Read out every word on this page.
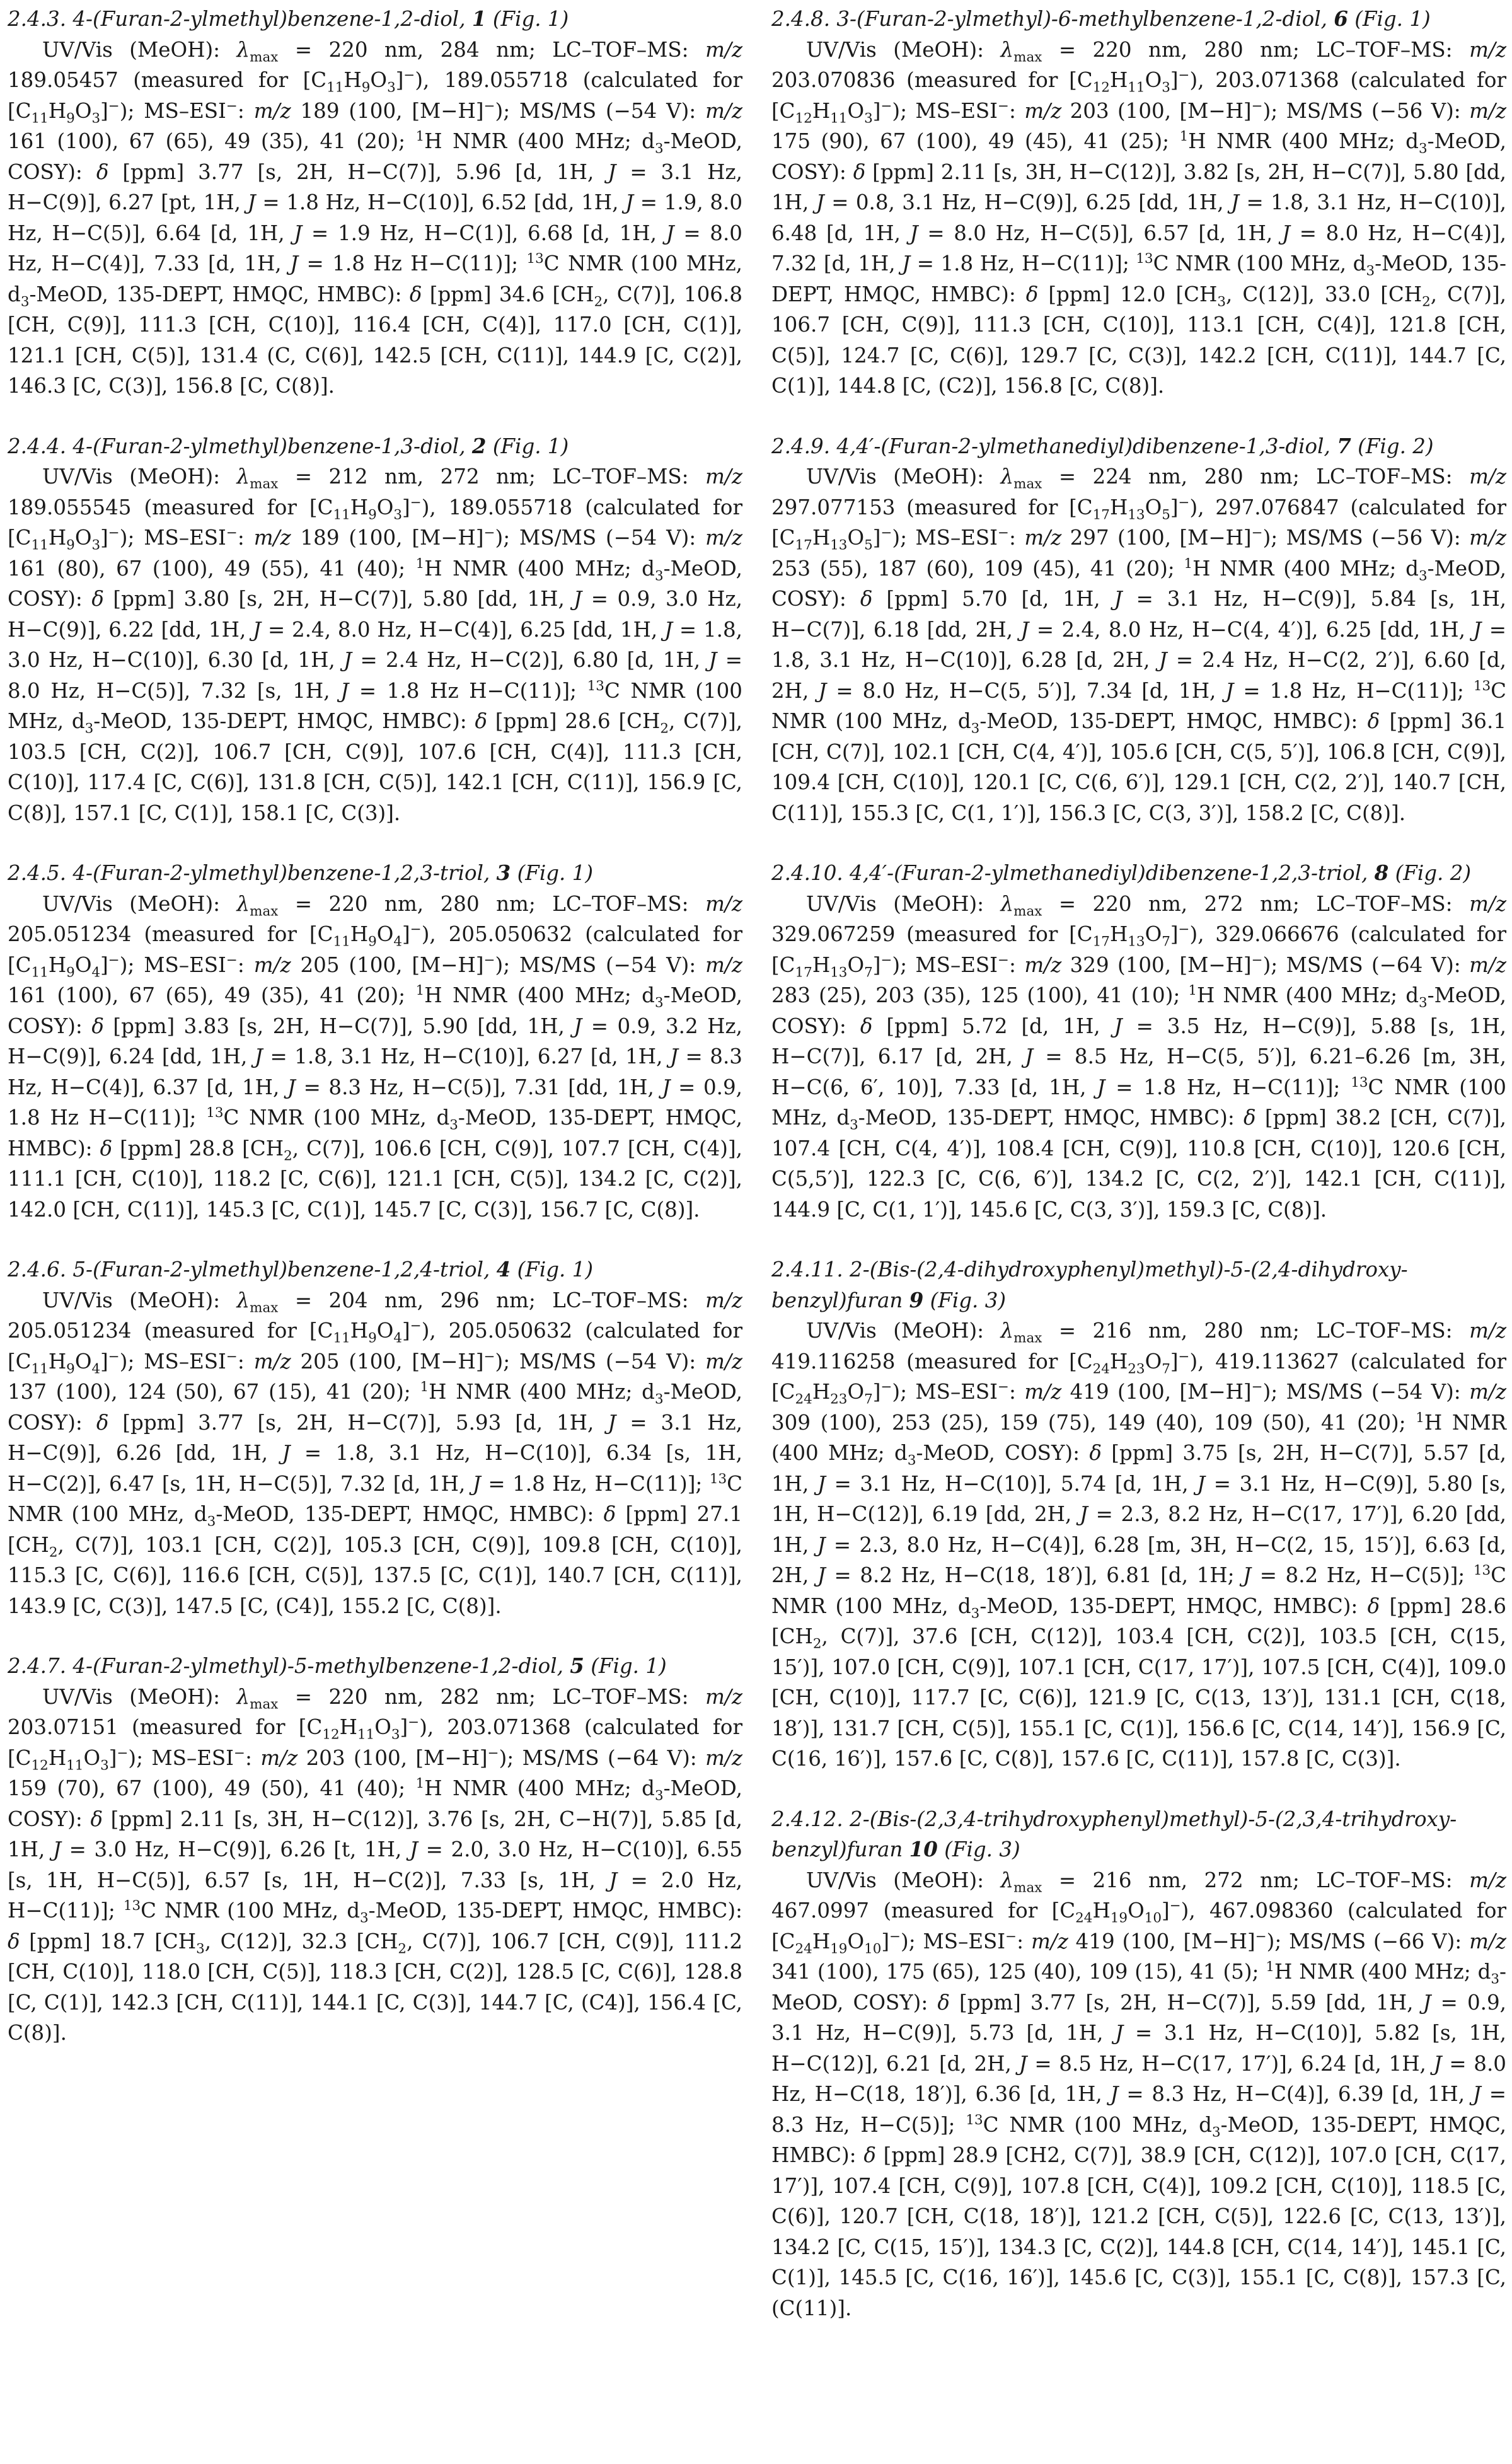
2.4.3. 4-(Furan-2-ylmethyl)benzene-1,2-diol, 1 (Fig. 1)
UV/Vis (MeOH): $\lambda_{max} = 220$ nm, 284 nm; LC–TOF–MS: m/z 189.05457 (measured for $[C_{11}H_9O_3]^-$), 189.055718 (calculated for $[C_{11}H_9O_3]^-$); MS–ESI−: m/z 189 (100, [M−H]−); MS/MS (−54 V): m/z 161 (100), 67 (65), 49 (35), 41 (20); $^1$H NMR (400 MHz; $d_3$-MeOD, COSY): δ [ppm] 3.77 [s, 2H, H−C(7)], 5.96 [d, 1H, J = 3.1 Hz, H−C(9)], 6.27 [pt, 1H, J = 1.8 Hz, H−C(10)], 6.52 [dd, 1H, J = 1.9, 8.0 Hz, H−C(5)], 6.64 [d, 1H, J = 1.9 Hz, H−C(1)], 6.68 [d, 1H, J = 8.0 Hz, H−C(4)], 7.33 [d, 1H, J = 1.8 Hz H−C(11)]; $^{13}$C NMR (100 MHz, $d_3$-MeOD, 135-DEPT, HMQC, HMBC): δ [ppm] 34.6 [$CH_2$, C(7)], 106.8 [CH, C(9)], 111.3 [CH, C(10)], 116.4 [CH, C(4)], 117.0 [CH, C(1)], 121.1 [CH, C(5)], 131.4 (C, C(6)], 142.5 [CH, C(11)], 144.9 [C, C(2)], 146.3 [C, C(3)], 156.8 [C, C(8)].
2.4.4. 4-(Furan-2-ylmethyl)benzene-1,3-diol, 2 (Fig. 1)
UV/Vis (MeOH): $\lambda_{max} = 212$ nm, 272 nm; LC–TOF–MS: m/z 189.055545 (measured for $[C_{11}H_9O_3]^-$), 189.055718 (calculated for $[C_{11}H_9O_3]^-$); MS–ESI−: m/z 189 (100, [M−H]−); MS/MS (−54 V): m/z 161 (80), 67 (100), 49 (55), 41 (40); $^1$H NMR (400 MHz; $d_3$-MeOD, COSY): δ [ppm] 3.80 [s, 2H, H−C(7)], 5.80 [dd, 1H, J = 0.9, 3.0 Hz, H−C(9)], 6.22 [dd, 1H, J = 2.4, 8.0 Hz, H−C(4)], 6.25 [dd, 1H, J = 1.8, 3.0 Hz, H−C(10)], 6.30 [d, 1H, J = 2.4 Hz, H−C(2)], 6.80 [d, 1H, J = 8.0 Hz, H−C(5)], 7.32 [s, 1H, J = 1.8 Hz H−C(11)]; $^{13}$C NMR (100 MHz, $d_3$-MeOD, 135-DEPT, HMQC, HMBC): δ [ppm] 28.6 [$CH_2$, C(7)], 103.5 [CH, C(2)], 106.7 [CH, C(9)], 107.6 [CH, C(4)], 111.3 [CH, C(10)], 117.4 [C, C(6)], 131.8 [CH, C(5)], 142.1 [CH, C(11)], 156.9 [C, C(8)], 157.1 [C, C(1)], 158.1 [C, C(3)].
2.4.5. 4-(Furan-2-ylmethyl)benzene-1,2,3-triol, 3 (Fig. 1)
UV/Vis (MeOH): $\lambda_{max} = 220$ nm, 280 nm; LC–TOF–MS: m/z 205.051234 (measured for $[C_{11}H_9O_4]^-$), 205.050632 (calculated for $[C_{11}H_9O_4]^-$); MS–ESI−: m/z 205 (100, [M−H]−); MS/MS (−54 V): m/z 161 (100), 67 (65), 49 (35), 41 (20); $^1$H NMR (400 MHz; $d_3$-MeOD, COSY): δ [ppm] 3.83 [s, 2H, H−C(7)], 5.90 [dd, 1H, J = 0.9, 3.2 Hz, H−C(9)], 6.24 [dd, 1H, J = 1.8, 3.1 Hz, H−C(10)], 6.27 [d, 1H, J = 8.3 Hz, H−C(4)], 6.37 [d, 1H, J = 8.3 Hz, H−C(5)], 7.31 [dd, 1H, J = 0.9, 1.8 Hz H−C(11)]; $^{13}$C NMR (100 MHz, $d_3$-MeOD, 135-DEPT, HMQC, HMBC): δ [ppm] 28.8 [$CH_2$, C(7)], 106.6 [CH, C(9)], 107.7 [CH, C(4)], 111.1 [CH, C(10)], 118.2 [C, C(6)], 121.1 [CH, C(5)], 134.2 [C, C(2)], 142.0 [CH, C(11)], 145.3 [C, C(1)], 145.7 [C, C(3)], 156.7 [C, C(8)].
2.4.6. 5-(Furan-2-ylmethyl)benzene-1,2,4-triol, 4 (Fig. 1)
UV/Vis (MeOH): $\lambda_{max} = 204$ nm, 296 nm; LC–TOF–MS: m/z 205.051234 (measured for $[C_{11}H_9O_4]^-$), 205.050632 (calculated for $[C_{11}H_9O_4]^-$); MS–ESI−: m/z 205 (100, [M−H]−); MS/MS (−54 V): m/z 137 (100), 124 (50), 67 (15), 41 (20); $^1$H NMR (400 MHz; $d_3$-MeOD, COSY): δ [ppm] 3.77 [s, 2H, H−C(7)], 5.93 [d, 1H, J = 3.1 Hz, H−C(9)], 6.26 [dd, 1H, J = 1.8, 3.1 Hz, H−C(10)], 6.34 [s, 1H, H−C(2)], 6.47 [s, 1H, H−C(5)], 7.32 [d, 1H, J = 1.8 Hz, H−C(11)]; $^{13}$C NMR (100 MHz, $d_3$-MeOD, 135-DEPT, HMQC, HMBC): δ [ppm] 27.1 [$CH_2$, C(7)], 103.1 [CH, C(2)], 105.3 [CH, C(9)], 109.8 [CH, C(10)], 115.3 [C, C(6)], 116.6 [CH, C(5)], 137.5 [C, C(1)], 140.7 [CH, C(11)], 143.9 [C, C(3)], 147.5 [C, (C4)], 155.2 [C, C(8)].
2.4.7. 4-(Furan-2-ylmethyl)-5-methylbenzene-1,2-diol, 5 (Fig. 1)
UV/Vis (MeOH): $\lambda_{max} = 220$ nm, 282 nm; LC–TOF–MS: m/z 203.07151 (measured for $[C_{12}H_{11}O_3]^-$), 203.071368 (calculated for $[C_{12}H_{11}O_3]^-$); MS–ESI−: m/z 203 (100, [M−H]−); MS/MS (−64 V): m/z 159 (70), 67 (100), 49 (50), 41 (40); $^1$H NMR (400 MHz; $d_3$-MeOD, COSY): δ [ppm] 2.11 [s, 3H, H−C(12)], 3.76 [s, 2H, C−H(7)], 5.85 [d, 1H, J = 3.0 Hz, H−C(9)], 6.26 [t, 1H, J = 2.0, 3.0 Hz, H−C(10)], 6.55 [s, 1H, H−C(5)], 6.57 [s, 1H, H−C(2)], 7.33 [s, 1H, J = 2.0 Hz, H−C(11)]; $^{13}$C NMR (100 MHz, $d_3$-MeOD, 135-DEPT, HMQC, HMBC): δ [ppm] 18.7 [$CH_3$, C(12)], 32.3 [$CH_2$, C(7)], 106.7 [CH, C(9)], 111.2 [CH, C(10)], 118.0 [CH, C(5)], 118.3 [CH, C(2)], 128.5 [C, C(6)], 128.8 [C, C(1)], 142.3 [CH, C(11)], 144.1 [C, C(3)], 144.7 [C, (C4)], 156.4 [C, C(8)].
2.4.8. 3-(Furan-2-ylmethyl)-6-methylbenzene-1,2-diol, 6 (Fig. 1)
UV/Vis (MeOH): $\lambda_{max} = 220$ nm, 280 nm; LC–TOF–MS: m/z 203.070836 (measured for $[C_{12}H_{11}O_3]^-$), 203.071368 (calculated for $[C_{12}H_{11}O_3]^-$); MS–ESI−: m/z 203 (100, [M−H]−); MS/MS (−56 V): m/z 175 (90), 67 (100), 49 (45), 41 (25); $^1$H NMR (400 MHz; $d_3$-MeOD, COSY): δ [ppm] 2.11 [s, 3H, H−C(12)], 3.82 [s, 2H, H−C(7)], 5.80 [dd, 1H, J = 0.8, 3.1 Hz, H−C(9)], 6.25 [dd, 1H, J = 1.8, 3.1 Hz, H−C(10)], 6.48 [d, 1H, J = 8.0 Hz, H−C(5)], 6.57 [d, 1H, J = 8.0 Hz, H−C(4)], 7.32 [d, 1H, J = 1.8 Hz, H−C(11)]; $^{13}$C NMR (100 MHz, $d_3$-MeOD, 135-DEPT, HMQC, HMBC): δ [ppm] 12.0 [$CH_3$, C(12)], 33.0 [$CH_2$, C(7)], 106.7 [CH, C(9)], 111.3 [CH, C(10)], 113.1 [CH, C(4)], 121.8 [CH, C(5)], 124.7 [C, C(6)], 129.7 [C, C(3)], 142.2 [CH, C(11)], 144.7 [C, C(1)], 144.8 [C, (C2)], 156.8 [C, C(8)].
2.4.9. 4,4′-(Furan-2-ylmethanediyl)dibenzene-1,3-diol, 7 (Fig. 2)
UV/Vis (MeOH): $\lambda_{max} = 224$ nm, 280 nm; LC–TOF–MS: m/z 297.077153 (measured for $[C_{17}H_{13}O_5]^-$), 297.076847 (calculated for $[C_{17}H_{13}O_5]^-$); MS–ESI−: m/z 297 (100, [M−H]−); MS/MS (−56 V): m/z 253 (55), 187 (60), 109 (45), 41 (20); $^1$H NMR (400 MHz; $d_3$-MeOD, COSY): δ [ppm] 5.70 [d, 1H, J = 3.1 Hz, H−C(9)], 5.84 [s, 1H, H−C(7)], 6.18 [dd, 2H, J = 2.4, 8.0 Hz, H−C(4, 4′)], 6.25 [dd, 1H, J = 1.8, 3.1 Hz, H−C(10)], 6.28 [d, 2H, J = 2.4 Hz, H−C(2, 2′)], 6.60 [d, 2H, J = 8.0 Hz, H−C(5, 5′)], 7.34 [d, 1H, J = 1.8 Hz, H−C(11)]; $^{13}$C NMR (100 MHz, $d_3$-MeOD, 135-DEPT, HMQC, HMBC): δ [ppm] 36.1 [CH, C(7)], 102.1 [CH, C(4, 4′)], 105.6 [CH, C(5, 5′)], 106.8 [CH, C(9)], 109.4 [CH, C(10)], 120.1 [C, C(6, 6′)], 129.1 [CH, C(2, 2′)], 140.7 [CH, C(11)], 155.3 [C, C(1, 1′)], 156.3 [C, C(3, 3′)], 158.2 [C, C(8)].
2.4.10. 4,4′-(Furan-2-ylmethanediyl)dibenzene-1,2,3-triol, 8 (Fig. 2)
UV/Vis (MeOH): $\lambda_{max} = 220$ nm, 272 nm; LC–TOF–MS: m/z 329.067259 (measured for $[C_{17}H_{13}O_7]^-$), 329.066676 (calculated for $[C_{17}H_{13}O_7]^-$); MS–ESI−: m/z 329 (100, [M−H]−); MS/MS (−64 V): m/z 283 (25), 203 (35), 125 (100), 41 (10); $^1$H NMR (400 MHz; $d_3$-MeOD, COSY): δ [ppm] 5.72 [d, 1H, J = 3.5 Hz, H−C(9)], 5.88 [s, 1H, H−C(7)], 6.17 [d, 2H, J = 8.5 Hz, H−C(5, 5′)], 6.21–6.26 [m, 3H, H−C(6, 6′, 10)], 7.33 [d, 1H, J = 1.8 Hz, H−C(11)]; $^{13}$C NMR (100 MHz, $d_3$-MeOD, 135-DEPT, HMQC, HMBC): δ [ppm] 38.2 [CH, C(7)], 107.4 [CH, C(4, 4′)], 108.4 [CH, C(9)], 110.8 [CH, C(10)], 120.6 [CH, C(5,5′)], 122.3 [C, C(6, 6′)], 134.2 [C, C(2, 2′)], 142.1 [CH, C(11)], 144.9 [C, C(1, 1′)], 145.6 [C, C(3, 3′)], 159.3 [C, C(8)].
2.4.11. 2-(Bis-(2,4-dihydroxyphenyl)methyl)-5-(2,4-dihydroxy-benzyl)furan 9 (Fig. 3)
UV/Vis (MeOH): $\lambda_{max} = 216$ nm, 280 nm; LC–TOF–MS: m/z 419.116258 (measured for $[C_{24}H_{23}O_7]^-$), 419.113627 (calculated for $[C_{24}H_{23}O_7]^-$); MS–ESI−: m/z 419 (100, [M−H]−); MS/MS (−54 V): m/z 309 (100), 253 (25), 159 (75), 149 (40), 109 (50), 41 (20); $^1$H NMR (400 MHz; $d_3$-MeOD, COSY): δ [ppm] 3.75 [s, 2H, H−C(7)], 5.57 [d, 1H, J = 3.1 Hz, H−C(10)], 5.74 [d, 1H, J = 3.1 Hz, H−C(9)], 5.80 [s, 1H, H−C(12)], 6.19 [dd, 2H, J = 2.3, 8.2 Hz, H−C(17, 17′)], 6.20 [dd, 1H, J = 2.3, 8.0 Hz, H−C(4)], 6.28 [m, 3H, H−C(2, 15, 15′)], 6.63 [d, 2H, J = 8.2 Hz, H−C(18, 18′)], 6.81 [d, 1H; J = 8.2 Hz, H−C(5)]; $^{13}$C NMR (100 MHz, $d_3$-MeOD, 135-DEPT, HMQC, HMBC): δ [ppm] 28.6 [$CH_2$, C(7)], 37.6 [CH, C(12)], 103.4 [CH, C(2)], 103.5 [CH, C(15, 15′)], 107.0 [CH, C(9)], 107.1 [CH, C(17, 17′)], 107.5 [CH, C(4)], 109.0 [CH, C(10)], 117.7 [C, C(6)], 121.9 [C, C(13, 13′)], 131.1 [CH, C(18, 18′)], 131.7 [CH, C(5)], 155.1 [C, C(1)], 156.6 [C, C(14, 14′)], 156.9 [C, C(16, 16′)], 157.6 [C, C(8)], 157.6 [C, C(11)], 157.8 [C, C(3)].
2.4.12. 2-(Bis-(2,3,4-trihydroxyphenyl)methyl)-5-(2,3,4-trihydroxy-benzyl)furan 10 (Fig. 3)
UV/Vis (MeOH): $\lambda_{max} = 216$ nm, 272 nm; LC–TOF–MS: m/z 467.0997 (measured for $[C_{24}H_{19}O_{10}]^-$), 467.098360 (calculated for $[C_{24}H_{19}O_{10}]^-$); MS–ESI−: m/z 419 (100, [M−H]−); MS/MS (−66 V): m/z 341 (100), 175 (65), 125 (40), 109 (15), 41 (5); $^1$H NMR (400 MHz; $d_3$-MeOD, COSY): δ [ppm] 3.77 [s, 2H, H−C(7)], 5.59 [dd, 1H, J = 0.9, 3.1 Hz, H−C(9)], 5.73 [d, 1H, J = 3.1 Hz, H−C(10)], 5.82 [s, 1H, H−C(12)], 6.21 [d, 2H, J = 8.5 Hz, H−C(17, 17′)], 6.24 [d, 1H, J = 8.0 Hz, H−C(18, 18′)], 6.36 [d, 1H, J = 8.3 Hz, H−C(4)], 6.39 [d, 1H, J = 8.3 Hz, H−C(5)]; $^{13}$C NMR (100 MHz, $d_3$-MeOD, 135-DEPT, HMQC, HMBC): δ [ppm] 28.9 [CH2, C(7)], 38.9 [CH, C(12)], 107.0 [CH, C(17, 17′)], 107.4 [CH, C(9)], 107.8 [CH, C(4)], 109.2 [CH, C(10)], 118.5 [C, C(6)], 120.7 [CH, C(18, 18′)], 121.2 [CH, C(5)], 122.6 [C, C(13, 13′)], 134.2 [C, C(15, 15′)], 134.3 [C, C(2)], 144.8 [CH, C(14, 14′)], 145.1 [C, C(1)], 145.5 [C, C(16, 16′)], 145.6 [C, C(3)], 155.1 [C, C(8)], 157.3 [C, (C(11)].
